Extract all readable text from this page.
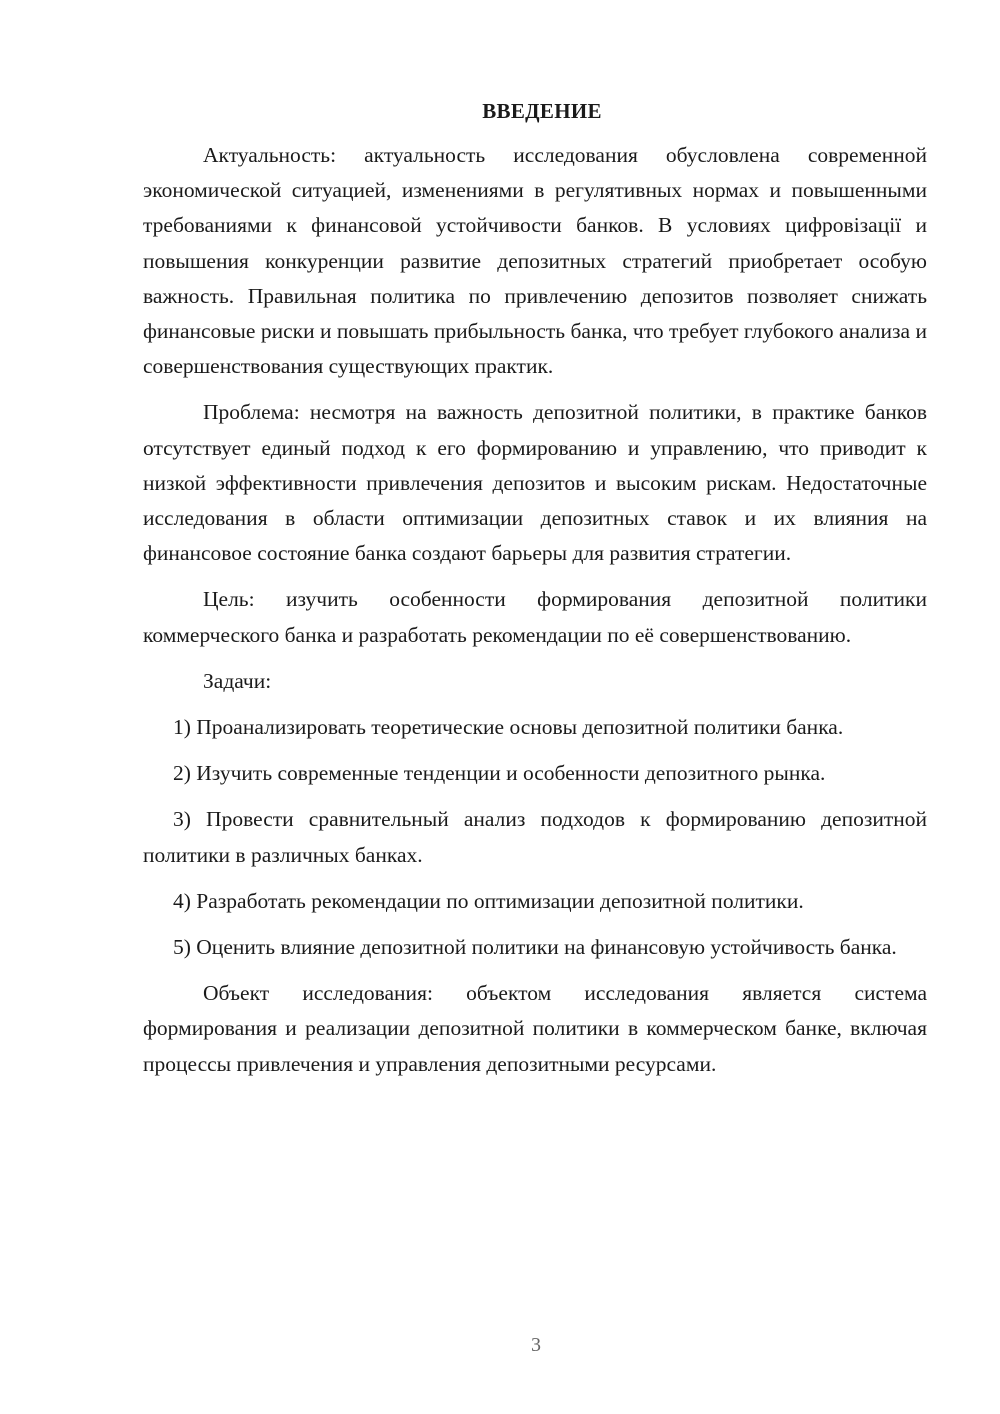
ВВЕДЕНИЕ

Актуальность: актуальность исследования обусловлена современной экономической ситуацией, изменениями в регулятивных нормах и повышенными требованиями к финансовой устойчивости банков. В условиях цифровізації и повышения конкуренции развитие депозитных стратегий приобретает особую важность. Правильная политика по привлечению депозитов позволяет снижать финансовые риски и повышать прибыльность банка, что требует глубокого анализа и совершенствования существующих практик.

Проблема: несмотря на важность депозитной политики, в практике банков отсутствует единый подход к его формированию и управлению, что приводит к низкой эффективности привлечения депозитов и высоким рискам. Недостаточные исследования в области оптимизации депозитных ставок и их влияния на финансовое состояние банка создают барьеры для развития стратегии.

Цель: изучить особенности формирования депозитной политики коммерческого банка и разработать рекомендации по её совершенствованию.

Задачи:

1) Проанализировать теоретические основы депозитной политики банка.

2) Изучить современные тенденции и особенности депозитного рынка.

3) Провести сравнительный анализ подходов к формированию депозитной политики в различных банках.

4) Разработать рекомендации по оптимизации депозитной политики.

5) Оценить влияние депозитной политики на финансовую устойчивость банка.

Объект исследования: объектом исследования является система формирования и реализации депозитной политики в коммерческом банке, включая процессы привлечения и управления депозитными ресурсами.

3
